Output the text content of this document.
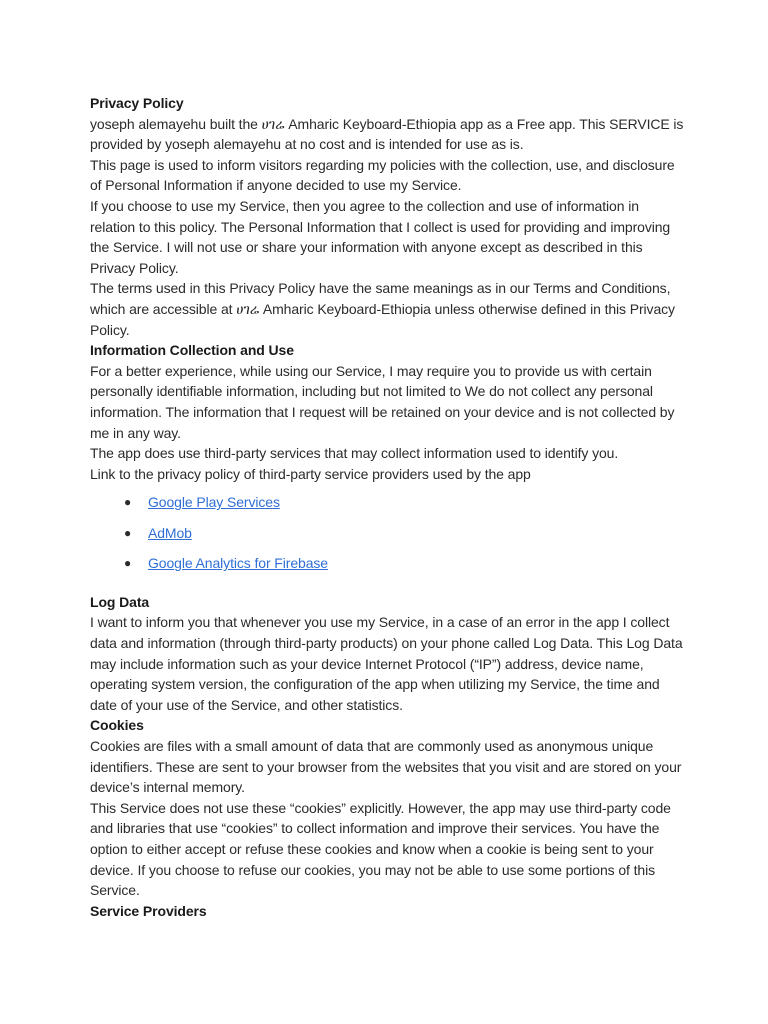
Privacy Policy

yoseph alemayehu built the ሀገሬ Amharic Keyboard-Ethiopia app as a Free app. This SERVICE is provided by yoseph alemayehu at no cost and is intended for use as is.

This page is used to inform visitors regarding my policies with the collection, use, and disclosure of Personal Information if anyone decided to use my Service.

If you choose to use my Service, then you agree to the collection and use of information in relation to this policy. The Personal Information that I collect is used for providing and improving the Service. I will not use or share your information with anyone except as described in this Privacy Policy.

The terms used in this Privacy Policy have the same meanings as in our Terms and Conditions, which are accessible at ሀገሬ Amharic Keyboard-Ethiopia unless otherwise defined in this Privacy Policy.

Information Collection and Use

For a better experience, while using our Service, I may require you to provide us with certain personally identifiable information, including but not limited to We do not collect any personal information. The information that I request will be retained on your device and is not collected by me in any way.

The app does use third-party services that may collect information used to identify you.

Link to the privacy policy of third-party service providers used by the app

● Google Play Services
● AdMob
● Google Analytics for Firebase
Log Data

I want to inform you that whenever you use my Service, in a case of an error in the app I collect data and information (through third-party products) on your phone called Log Data. This Log Data may include information such as your device Internet Protocol (“IP”) address, device name, operating system version, the configuration of the app when utilizing my Service, the time and date of your use of the Service, and other statistics.

Cookies

Cookies are files with a small amount of data that are commonly used as anonymous unique identifiers. These are sent to your browser from the websites that you visit and are stored on your device’s internal memory.

This Service does not use these “cookies” explicitly. However, the app may use third-party code and libraries that use “cookies” to collect information and improve their services. You have the option to either accept or refuse these cookies and know when a cookie is being sent to your device. If you choose to refuse our cookies, you may not be able to use some portions of this Service.

Service Providers
